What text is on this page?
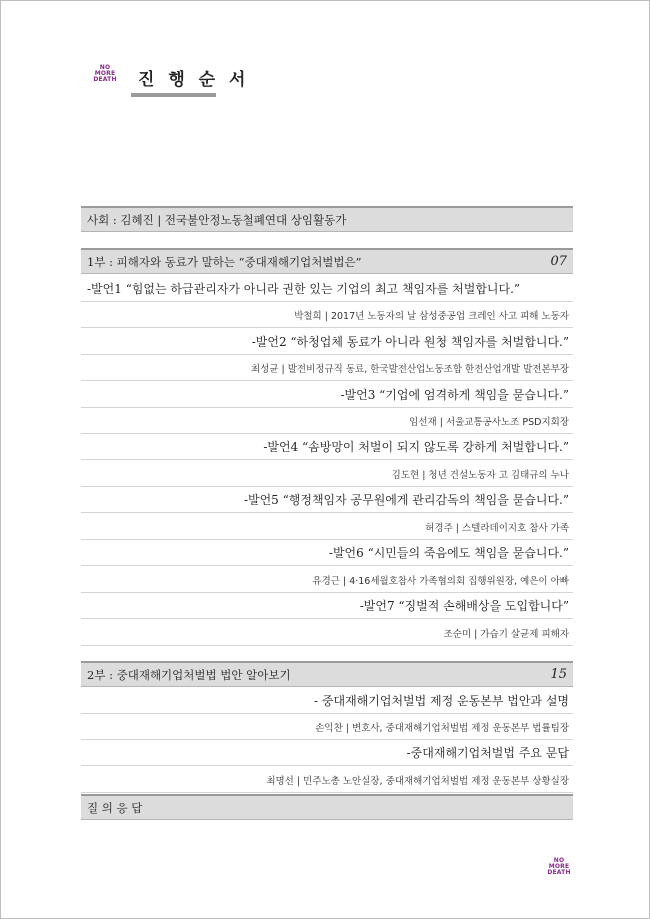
NO
MORE
DEATH	진 행 순 서
사회 : 김혜진 | 전국불안정노동철폐연대 상임활동가
1부 : 피해자와 동료가 말하는 “중대재해기업처벌법은”	07
-발언1 “힘없는 하급관리자가 아니라 권한 있는 기업의 최고 책임자를 처벌합니다.”
박철희 | 2017년 노동자의 날 삼성중공업 크레인 사고 피해 노동자
-발언2 “하청업체 동료가 아니라 원청 책임자를 처벌합니다.”
최성균 | 발전비정규직 동료, 한국발전산업노동조합 한전산업개발 발전본부장
-발언3 “기업에 엄격하게 책임을 묻습니다.”
임선재 | 서울교통공사노조 PSD지회장
-발언4 “솜방망이 처벌이 되지 않도록 강하게 처벌합니다.”
김도현 | 청년 건설노동자 고 김태규의 누나
-발언5 “행정책임자 공무원에게 관리감독의 책임을 묻습니다.”
허경주 | 스텔라데이지호 참사 가족
-발언6 “시민들의 죽음에도 책임을 묻습니다.”
유경근 | 4·16세월호참사 가족협의회 집행위원장, 예은이 아빠
-발언7 “징벌적 손해배상을 도입합니다”
조순미 | 가습기 살균제 피해자
2부 : 중대재해기업처벌법 법안 알아보기	15
- 중대재해기업처벌법 제정 운동본부 법안과 설명
손익찬 | 변호사, 중대재해기업처벌법 제정 운동본부 법률팀장
-중대재해기업처벌법 주요 문답
최명선 | 민주노총 노안실장, 중대재해기업처벌법 제정 운동본부 상황실장
질 의 응 답
NO
MORE
DEATH
